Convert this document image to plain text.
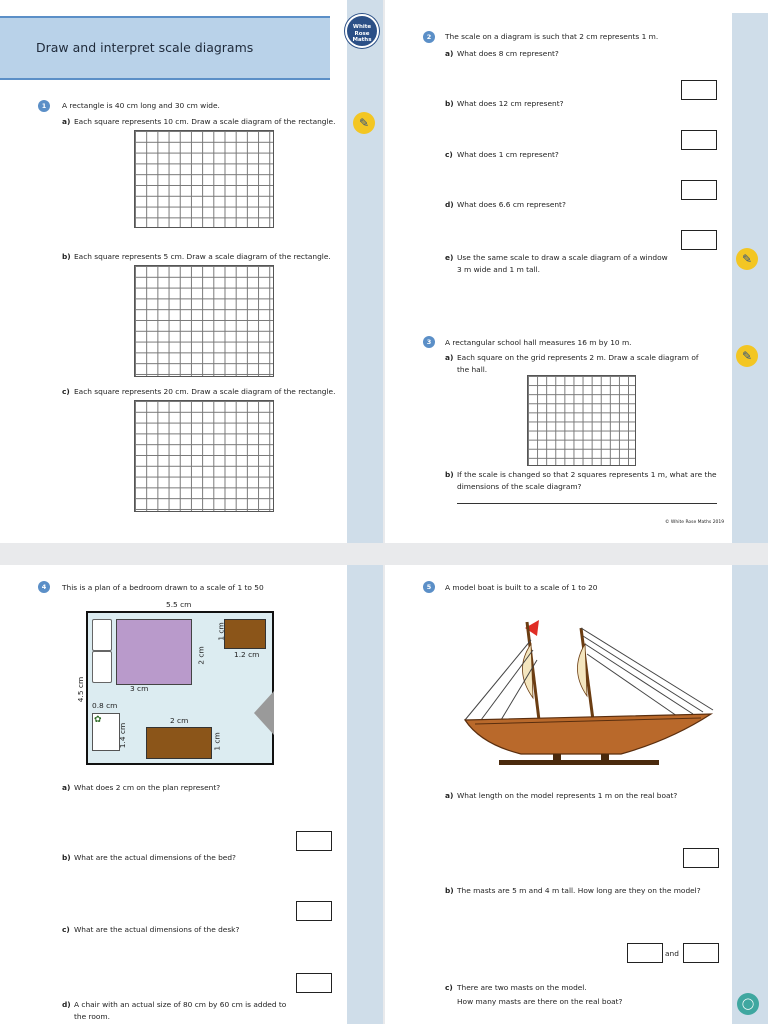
Draw and interpret scale diagrams
White
Rose
Maths
✎
1	A rectangle is 40 cm long and 30 cm wide.
a) Each square represents 10 cm. Draw a scale diagram of the rectangle.
b) Each square represents 5 cm. Draw a scale diagram of the rectangle.
c) Each square represents 20 cm. Draw a scale diagram of the rectangle.
✎
✎
2	The scale on a diagram is such that 2 cm represents 1 m.
a) What does 8 cm represent?
b) What does 12 cm represent?
c) What does 1 cm represent?
d) What does 6.6 cm represent?
e) Use the same scale to draw a scale diagram of a window
3 m wide and 1 m tall.
3	A rectangular school hall measures 16 m by 10 m.
a) Each square on the grid represents 2 m. Draw a scale diagram of
the hall.
b) If the scale is changed so that 2 squares represents 1 m, what are the
dimensions of the scale diagram?
© White Rose Maths 2019
4	This is a plan of a bedroom drawn to a scale of 1 to 50
5.5 cm
2 cm
3 cm
1 cm
1.2 cm
0.8 cm
✿
1.4 cm
2 cm
1 cm
4.5 cm
a) What does 2 cm on the plan represent?
b) What are the actual dimensions of the bed?
c) What are the actual dimensions of the desk?
d) A chair with an actual size of 80 cm by 60 cm is added to
the room.
◯
5	A model boat is built to a scale of 1 to 20
a) What length on the model represents 1 m on the real boat?
b) The masts are 5 m and 4 m tall. How long are they on the model?
and
c) There are two masts on the model.
How many masts are there on the real boat?
